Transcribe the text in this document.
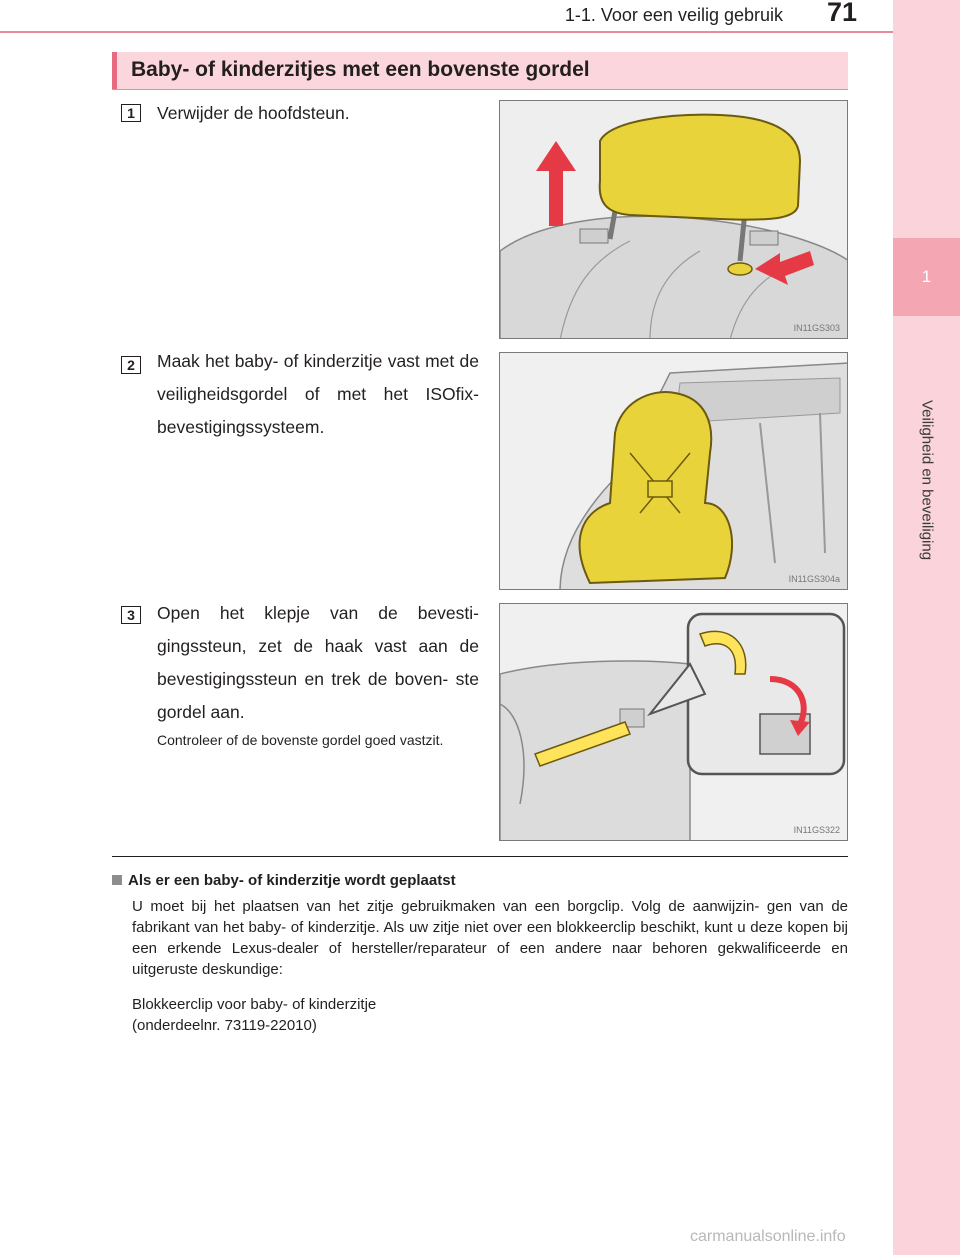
1-1. Voor een veilig gebruik 71
1
Veiligheid en beveiliging
Baby- of kinderzitjes met een bovenste gordel
1	Verwijder de hoofdsteun.
IN11GS303
2	Maak het baby- of kinderzitje vast met de veiligheidsgordel of met het ISOfix-bevestigingssysteem.
IN11GS304a
3	Open het klepje van de bevesti- gingssteun, zet de haak vast aan de bevestigingssteun en trek de boven- ste gordel aan.
Controleer of de bovenste gordel goed vastzit.
IN11GS322
Als er een baby- of kinderzitje wordt geplaatst
U moet bij het plaatsen van het zitje gebruikmaken van een borgclip. Volg de aanwijzin- gen van de fabrikant van het baby- of kinderzitje. Als uw zitje niet over een blokkeerclip beschikt, kunt u deze kopen bij een erkende Lexus-dealer of hersteller/reparateur of een andere naar behoren gekwalificeerde en uitgeruste deskundige:
Blokkeerclip voor baby- of kinderzitje
(onderdeelnr. 73119-22010)
carmanualsonline.info
